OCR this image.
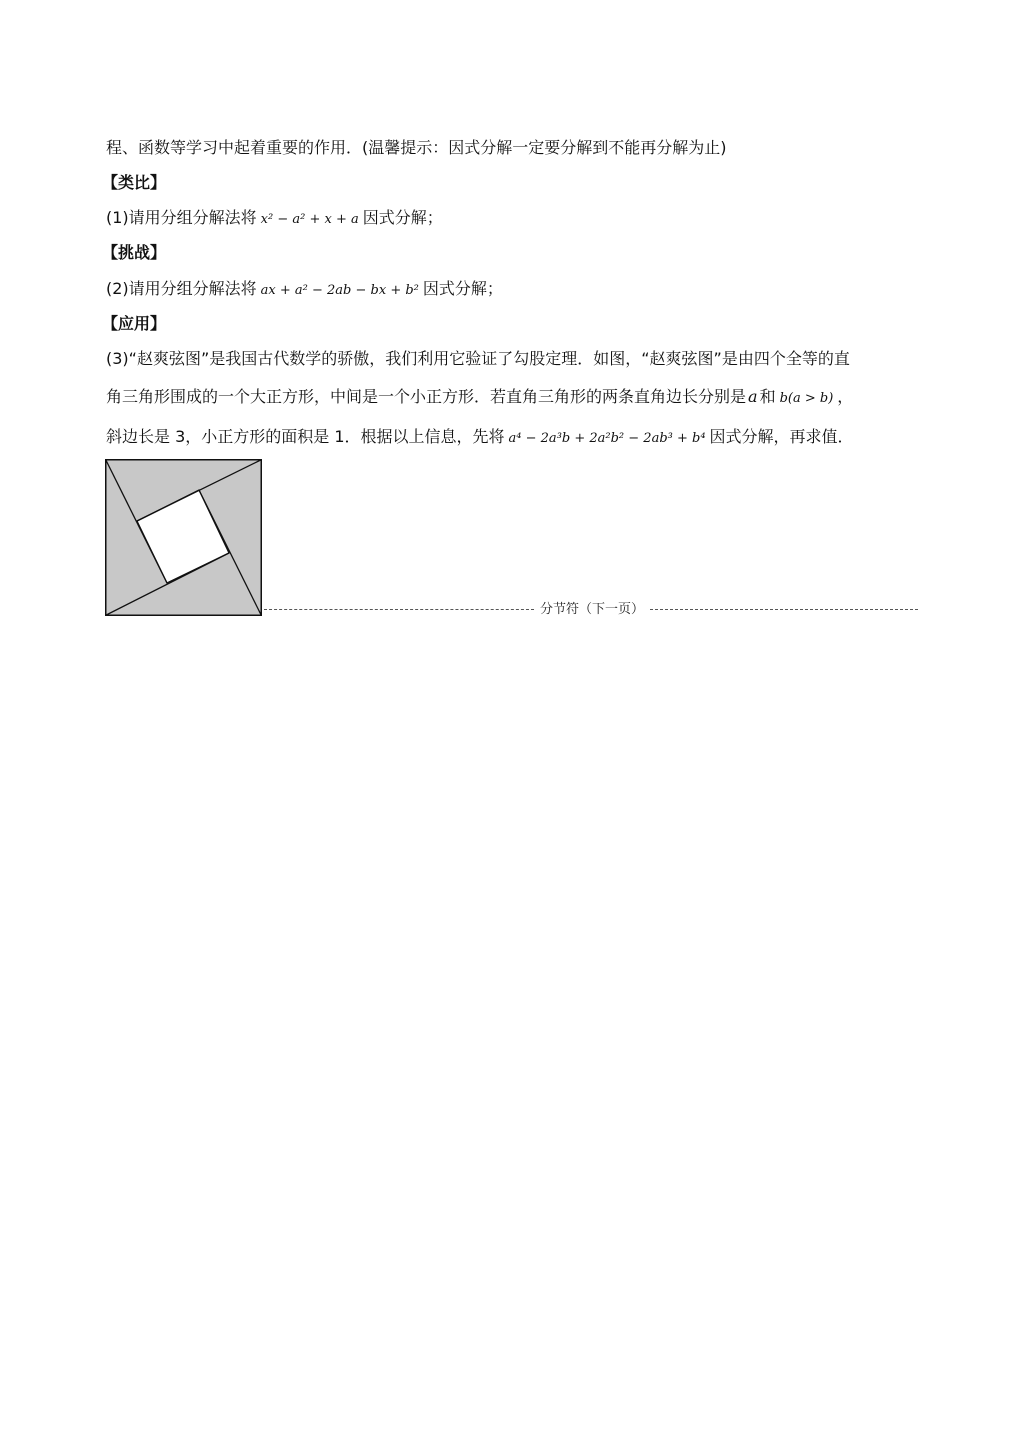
程、函数等学习中起着重要的作用．(温馨提示：因式分解一定要分解到不能再分解为止)
【类比】
(1)请用分组分解法将 x² − a² + x + a 因式分解；
【挑战】
(2)请用分组分解法将 ax + a² − 2ab − bx + b² 因式分解；
【应用】
(3)“赵爽弦图”是我国古代数学的骄傲，我们利用它验证了勾股定理．如图，“赵爽弦图”是由四个全等的直
角三角形围成的一个大正方形，中间是一个小正方形．若直角三角形的两条直角边长分别是 a 和 b(a > b) ，
斜边长是 3，小正方形的面积是 1．根据以上信息，先将 a⁴ − 2a³b + 2a²b² − 2ab³ + b⁴ 因式分解，再求值．
分节符（下一页）
